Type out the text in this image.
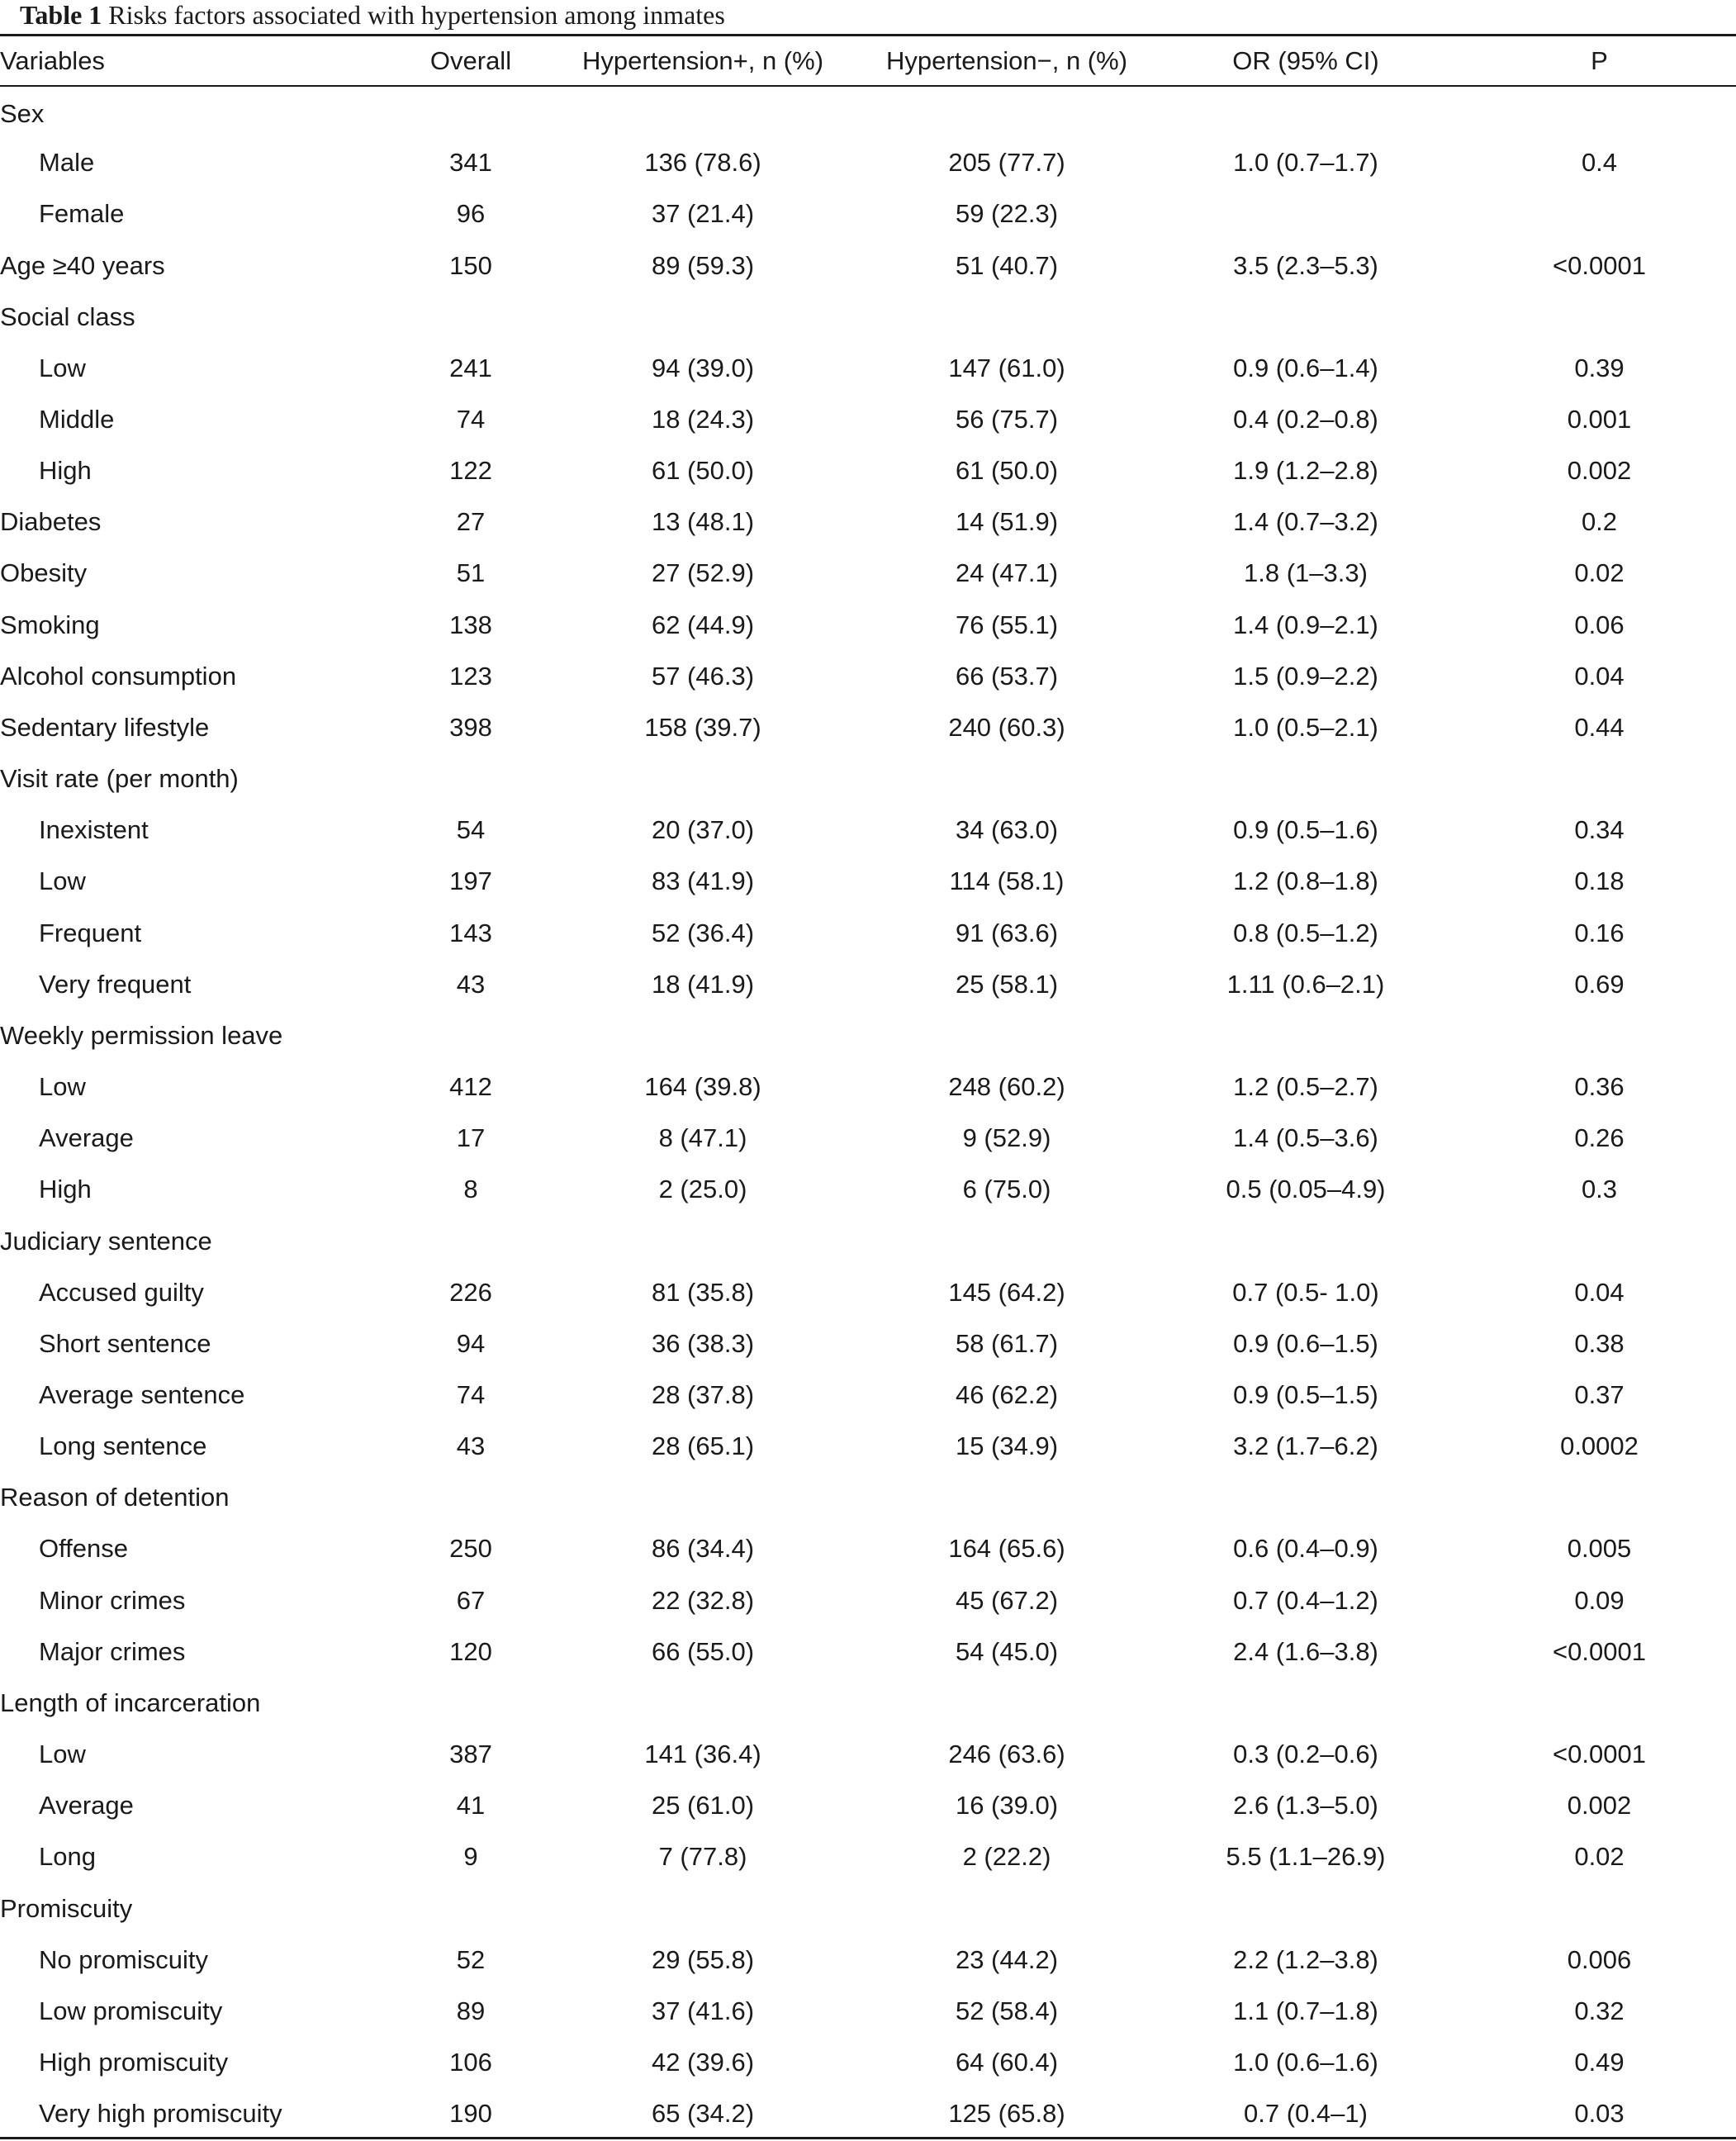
Table 1 Risks factors associated with hypertension among inmates
Variables	Overall	Hypertension+, n (%)	Hypertension−, n (%)	OR (95% CI)	P
Sex					
Male	341	136 (78.6)	205 (77.7)	1.0 (0.7–1.7)	0.4
Female	96	37 (21.4)	59 (22.3)		
Age ≥40 years	150	89 (59.3)	51 (40.7)	3.5 (2.3–5.3)	<0.0001
Social class					
Low	241	94 (39.0)	147 (61.0)	0.9 (0.6–1.4)	0.39
Middle	74	18 (24.3)	56 (75.7)	0.4 (0.2–0.8)	0.001
High	122	61 (50.0)	61 (50.0)	1.9 (1.2–2.8)	0.002
Diabetes	27	13 (48.1)	14 (51.9)	1.4 (0.7–3.2)	0.2
Obesity	51	27 (52.9)	24 (47.1)	1.8 (1–3.3)	0.02
Smoking	138	62 (44.9)	76 (55.1)	1.4 (0.9–2.1)	0.06
Alcohol consumption	123	57 (46.3)	66 (53.7)	1.5 (0.9–2.2)	0.04
Sedentary lifestyle	398	158 (39.7)	240 (60.3)	1.0 (0.5–2.1)	0.44
Visit rate (per month)					
Inexistent	54	20 (37.0)	34 (63.0)	0.9 (0.5–1.6)	0.34
Low	197	83 (41.9)	114 (58.1)	1.2 (0.8–1.8)	0.18
Frequent	143	52 (36.4)	91 (63.6)	0.8 (0.5–1.2)	0.16
Very frequent	43	18 (41.9)	25 (58.1)	1.11 (0.6–2.1)	0.69
Weekly permission leave					
Low	412	164 (39.8)	248 (60.2)	1.2 (0.5–2.7)	0.36
Average	17	8 (47.1)	9 (52.9)	1.4 (0.5–3.6)	0.26
High	8	2 (25.0)	6 (75.0)	0.5 (0.05–4.9)	0.3
Judiciary sentence					
Accused guilty	226	81 (35.8)	145 (64.2)	0.7 (0.5- 1.0)	0.04
Short sentence	94	36 (38.3)	58 (61.7)	0.9 (0.6–1.5)	0.38
Average sentence	74	28 (37.8)	46 (62.2)	0.9 (0.5–1.5)	0.37
Long sentence	43	28 (65.1)	15 (34.9)	3.2 (1.7–6.2)	0.0002
Reason of detention					
Offense	250	86 (34.4)	164 (65.6)	0.6 (0.4–0.9)	0.005
Minor crimes	67	22 (32.8)	45 (67.2)	0.7 (0.4–1.2)	0.09
Major crimes	120	66 (55.0)	54 (45.0)	2.4 (1.6–3.8)	<0.0001
Length of incarceration					
Low	387	141 (36.4)	246 (63.6)	0.3 (0.2–0.6)	<0.0001
Average	41	25 (61.0)	16 (39.0)	2.6 (1.3–5.0)	0.002
Long	9	7 (77.8)	2 (22.2)	5.5 (1.1–26.9)	0.02
Promiscuity					
No promiscuity	52	29 (55.8)	23 (44.2)	2.2 (1.2–3.8)	0.006
Low promiscuity	89	37 (41.6)	52 (58.4)	1.1 (0.7–1.8)	0.32
High promiscuity	106	42 (39.6)	64 (60.4)	1.0 (0.6–1.6)	0.49
Very high promiscuity	190	65 (34.2)	125 (65.8)	0.7 (0.4–1)	0.03
